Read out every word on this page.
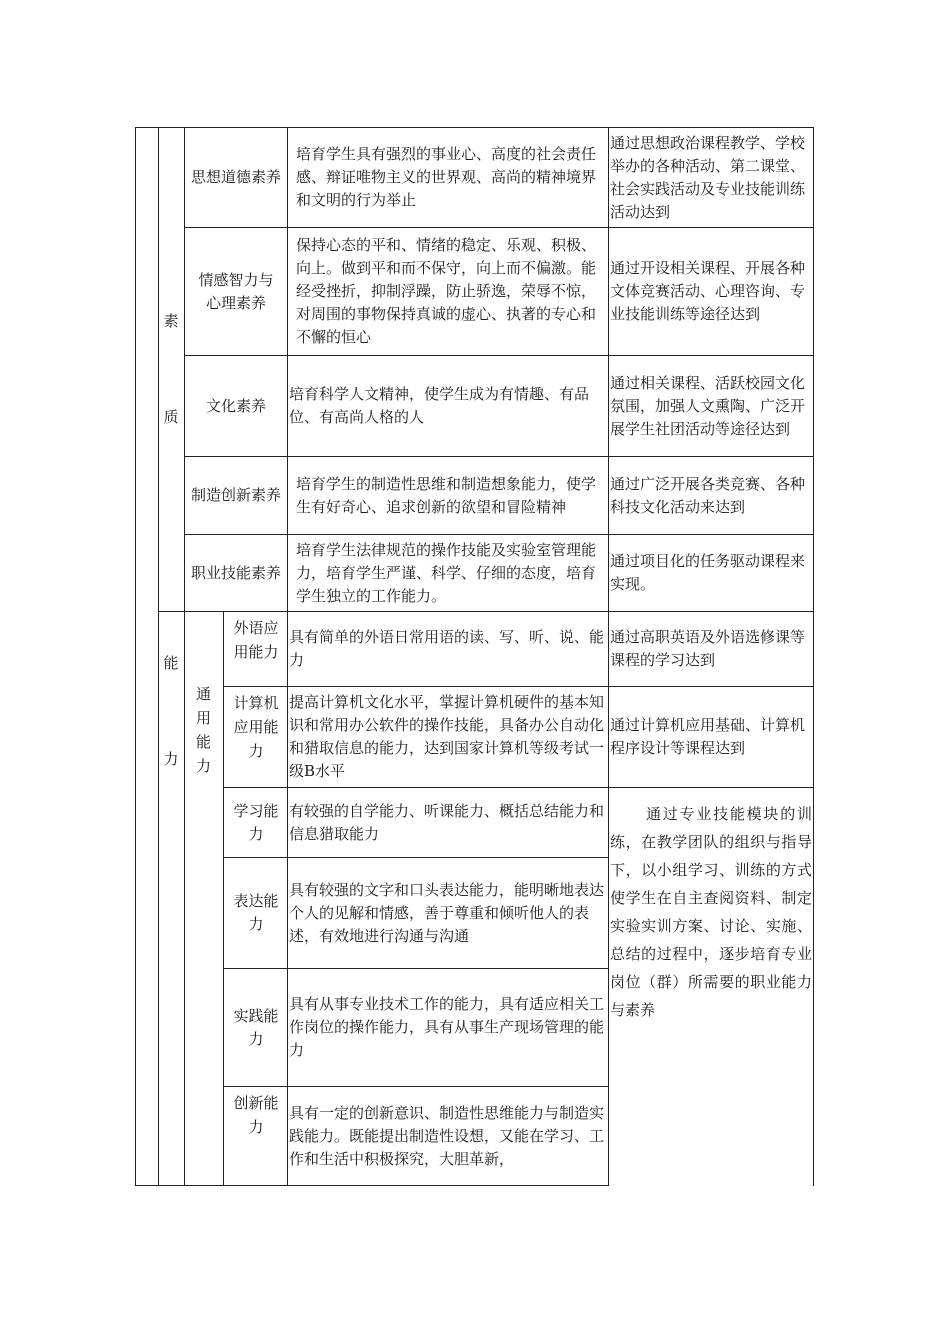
素
质
能
力
通
用
能
力
思想道德素养
情感智力与心理素养
文化素养
制造创新素养
职业技能素养
培育学生具有强烈的事业心、高度的社会责任感、辩证唯物主义的世界观、高尚的精神境界和文明的行为举止
保持心态的平和、情绪的稳定、乐观、积极、向上。做到平和而不保守，向上而不偏激。能经受挫折，抑制浮躁，防止骄逸，荣辱不惊，对周围的事物保持真诚的虚心、执著的专心和不懈的恒心
培育科学人文精神，使学生成为有情趣、有品位、有高尚人格的人
培育学生的制造性思维和制造想象能力，使学生有好奇心、追求创新的欲望和冒险精神
培育学生法律规范的操作技能及实验室管理能力，培育学生严谨、科学、仔细的态度，培育学生独立的工作能力。
通过思想政治课程教学、学校举办的各种活动、第二课堂、社会实践活动及专业技能训练活动达到
通过开设相关课程、开展各种文体竞赛活动、心理咨询、专业技能训练等途径达到
通过相关课程、活跃校园文化氛围，加强人文熏陶、广泛开展学生社团活动等途径达到
通过广泛开展各类竞赛、各种科技文化活动来达到
通过项目化的任务驱动课程来实现。
外语应用能力
计算机应用能力
学习能力
表达能力
实践能力
创新能力
具有简单的外语日常用语的读、写、听、说、能力
提高计算机文化水平，掌握计算机硬件的基本知识和常用办公软件的操作技能，具备办公自动化和猎取信息的能力，达到国家计算机等级考试一级B水平
有较强的自学能力、听课能力、概括总结能力和信息猎取能力
具有较强的文字和口头表达能力，能明晰地表达个人的见解和情感，善于尊重和倾听他人的表述，有效地进行沟通与沟通
具有从事专业技术工作的能力，具有适应相关工作岗位的操作能力，具有从事生产现场管理的能力
具有一定的创新意识、制造性思维能力与制造实践能力。既能提出制造性设想，又能在学习、工作和生活中积极探究，大胆革新，
通过高职英语及外语选修课等课程的学习达到
通过计算机应用基础、计算机程序设计等课程达到
通过专业技能模块的训练，在教学团队的组织与指导下，以小组学习、训练的方式使学生在自主查阅资料、制定实验实训方案、讨论、实施、总结的过程中，逐步培育专业岗位（群）所需要的职业能力与素养
